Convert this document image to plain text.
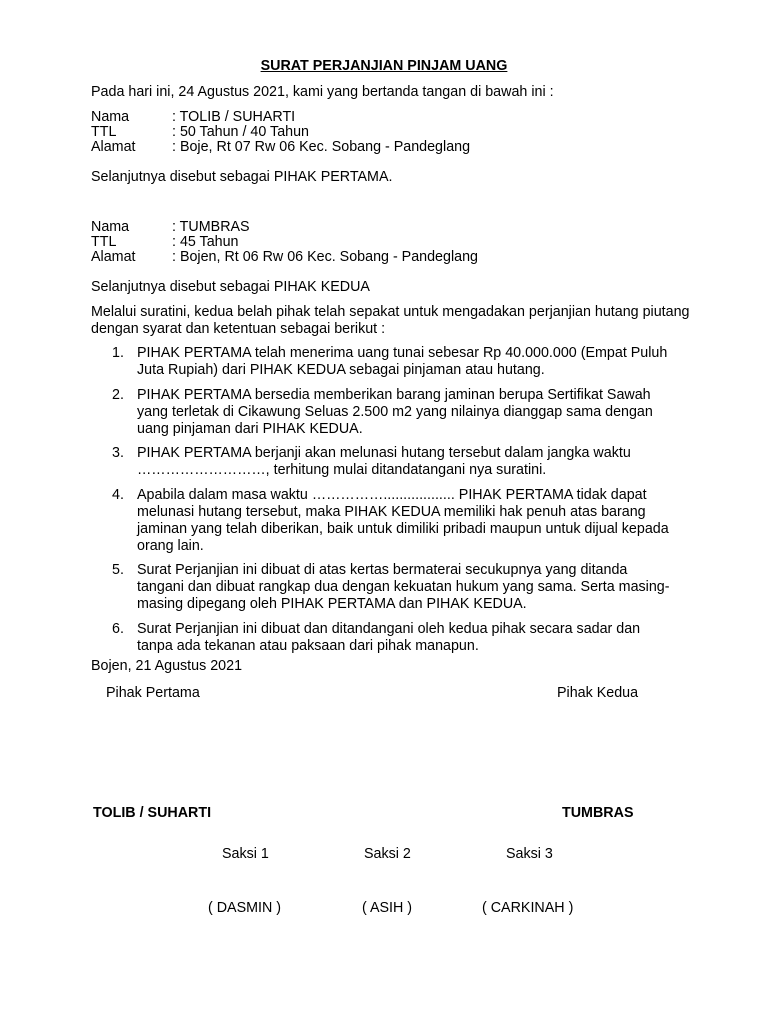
SURAT PERJANJIAN PINJAM UANG
Pada hari ini, 24 Agustus 2021, kami yang bertanda tangan di bawah ini :
Nama	: TOLIB / SUHARTI
TTL	: 50 Tahun / 40 Tahun
Alamat	: Boje, Rt 07 Rw 06 Kec. Sobang - Pandeglang
Selanjutnya disebut sebagai PIHAK PERTAMA.
Nama	: TUMBRAS
TTL	: 45 Tahun
Alamat	: Bojen, Rt 06 Rw 06 Kec. Sobang - Pandeglang
Selanjutnya disebut sebagai PIHAK KEDUA
Melalui suratini, kedua belah pihak telah sepakat untuk mengadakan perjanjian hutang piutang dengan syarat dan ketentuan sebagai berikut :
1. PIHAK PERTAMA telah menerima uang tunai sebesar Rp 40.000.000 (Empat Puluh Juta Rupiah) dari PIHAK KEDUA sebagai pinjaman atau hutang.
2. PIHAK PERTAMA bersedia memberikan barang jaminan berupa Sertifikat Sawah yang terletak di Cikawung Seluas 2.500 m2 yang nilainya dianggap sama dengan uang pinjaman dari PIHAK KEDUA.
3. PIHAK PERTAMA berjanji akan melunasi hutang tersebut dalam jangka waktu ………………………, terhitung mulai ditandatangani nya suratini.
4. Apabila dalam masa waktu …………….................. PIHAK PERTAMA tidak dapat melunasi hutang tersebut, maka PIHAK KEDUA memiliki hak penuh atas barang jaminan yang telah diberikan, baik untuk dimiliki pribadi maupun untuk dijual kepada orang lain.
5. Surat Perjanjian ini dibuat di atas kertas bermaterai secukupnya yang ditanda tangani dan dibuat rangkap dua dengan kekuatan hukum yang sama. Serta masing-masing dipegang oleh PIHAK PERTAMA dan PIHAK KEDUA.
6. Surat Perjanjian ini dibuat dan ditandangani oleh kedua pihak secara sadar dan tanpa ada tekanan atau paksaan dari pihak manapun.
Bojen, 21 Agustus 2021
Pihak Pertama	Pihak Kedua
TOLIB / SUHARTI	TUMBRAS
Saksi 1	Saksi 2	Saksi 3
( DASMIN )	( ASIH )	( CARKINAH )
